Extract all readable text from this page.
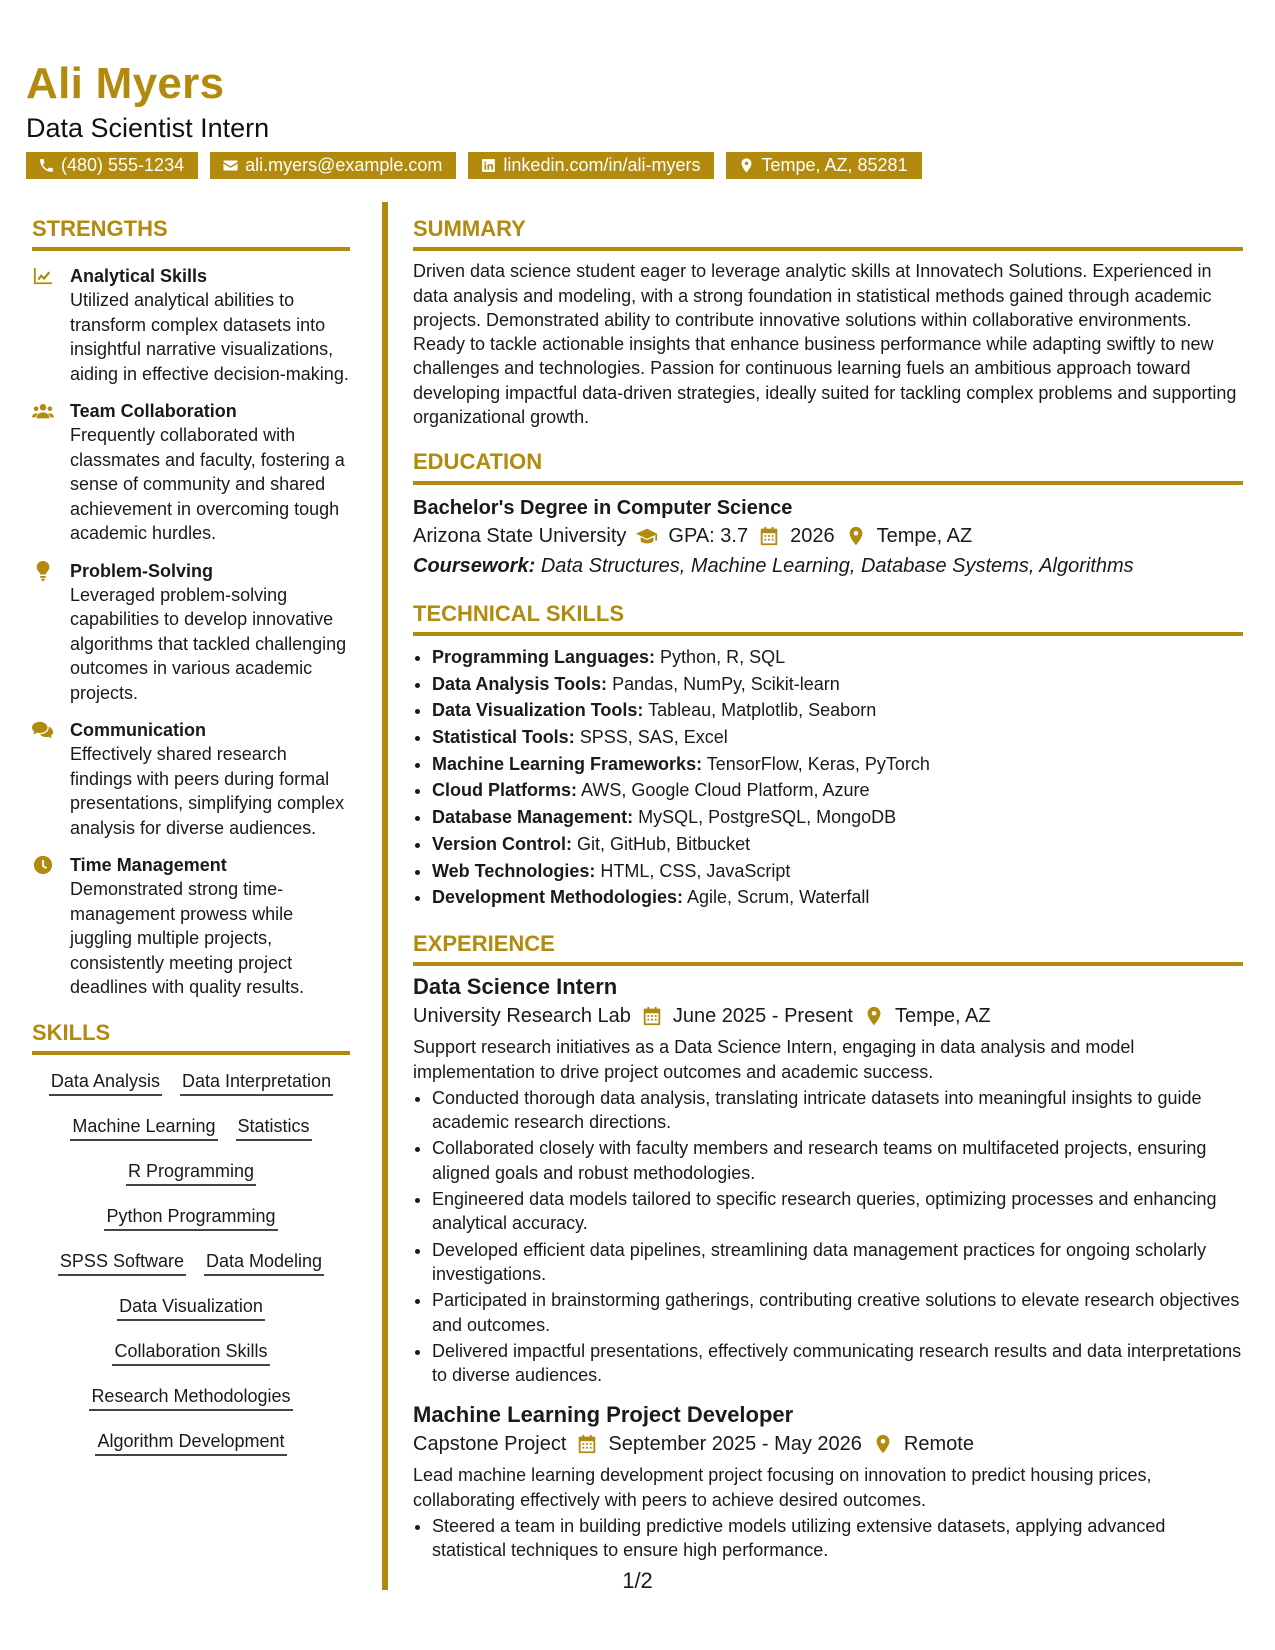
Ali Myers
Data Scientist Intern
(480) 555-1234	ali.myers@example.com	linkedin.com/in/ali-myers	Tempe, AZ, 85281
STRENGTHS
Analytical Skills
Utilized analytical abilities to transform complex datasets into insightful narrative visualizations, aiding in effective decision-making.
Team Collaboration
Frequently collaborated with classmates and faculty, fostering a sense of community and shared achievement in overcoming tough academic hurdles.
Problem-Solving
Leveraged problem-solving capabilities to develop innovative algorithms that tackled challenging outcomes in various academic projects.
Communication
Effectively shared research findings with peers during formal presentations, simplifying complex analysis for diverse audiences.
Time Management
Demonstrated strong time-management prowess while juggling multiple projects, consistently meeting project deadlines with quality results.
SKILLS
Data Analysis Data Interpretation
Machine Learning Statistics
R Programming
Python Programming
SPSS Software Data Modeling
Data Visualization
Collaboration Skills
Research Methodologies
Algorithm Development
SUMMARY
Driven data science student eager to leverage analytic skills at Innovatech Solutions. Experienced in data analysis and modeling, with a strong foundation in statistical methods gained through academic projects. Demonstrated ability to contribute innovative solutions within collaborative environments. Ready to tackle actionable insights that enhance business performance while adapting swiftly to new challenges and technologies. Passion for continuous learning fuels an ambitious approach toward developing impactful data-driven strategies, ideally suited for tackling complex problems and supporting organizational growth.
EDUCATION
Bachelor's Degree in Computer Science
Arizona State University GPA: 3.7 2026 Tempe, AZ
Coursework: Data Structures, Machine Learning, Database Systems, Algorithms
TECHNICAL SKILLS
• Programming Languages: Python, R, SQL
• Data Analysis Tools: Pandas, NumPy, Scikit-learn
• Data Visualization Tools: Tableau, Matplotlib, Seaborn
• Statistical Tools: SPSS, SAS, Excel
• Machine Learning Frameworks: TensorFlow, Keras, PyTorch
• Cloud Platforms: AWS, Google Cloud Platform, Azure
• Database Management: MySQL, PostgreSQL, MongoDB
• Version Control: Git, GitHub, Bitbucket
• Web Technologies: HTML, CSS, JavaScript
• Development Methodologies: Agile, Scrum, Waterfall
EXPERIENCE
Data Science Intern
University Research Lab June 2025 - Present Tempe, AZ
Support research initiatives as a Data Science Intern, engaging in data analysis and model implementation to drive project outcomes and academic success.
• Conducted thorough data analysis, translating intricate datasets into meaningful insights to guide academic research directions.
• Collaborated closely with faculty members and research teams on multifaceted projects, ensuring aligned goals and robust methodologies.
• Engineered data models tailored to specific research queries, optimizing processes and enhancing analytical accuracy.
• Developed efficient data pipelines, streamlining data management practices for ongoing scholarly investigations.
• Participated in brainstorming gatherings, contributing creative solutions to elevate research objectives and outcomes.
• Delivered impactful presentations, effectively communicating research results and data interpretations to diverse audiences.
Machine Learning Project Developer
Capstone Project September 2025 - May 2026 Remote
Lead machine learning development project focusing on innovation to predict housing prices, collaborating effectively with peers to achieve desired outcomes.
• Steered a team in building predictive models utilizing extensive datasets, applying advanced statistical techniques to ensure high performance.
1/2
